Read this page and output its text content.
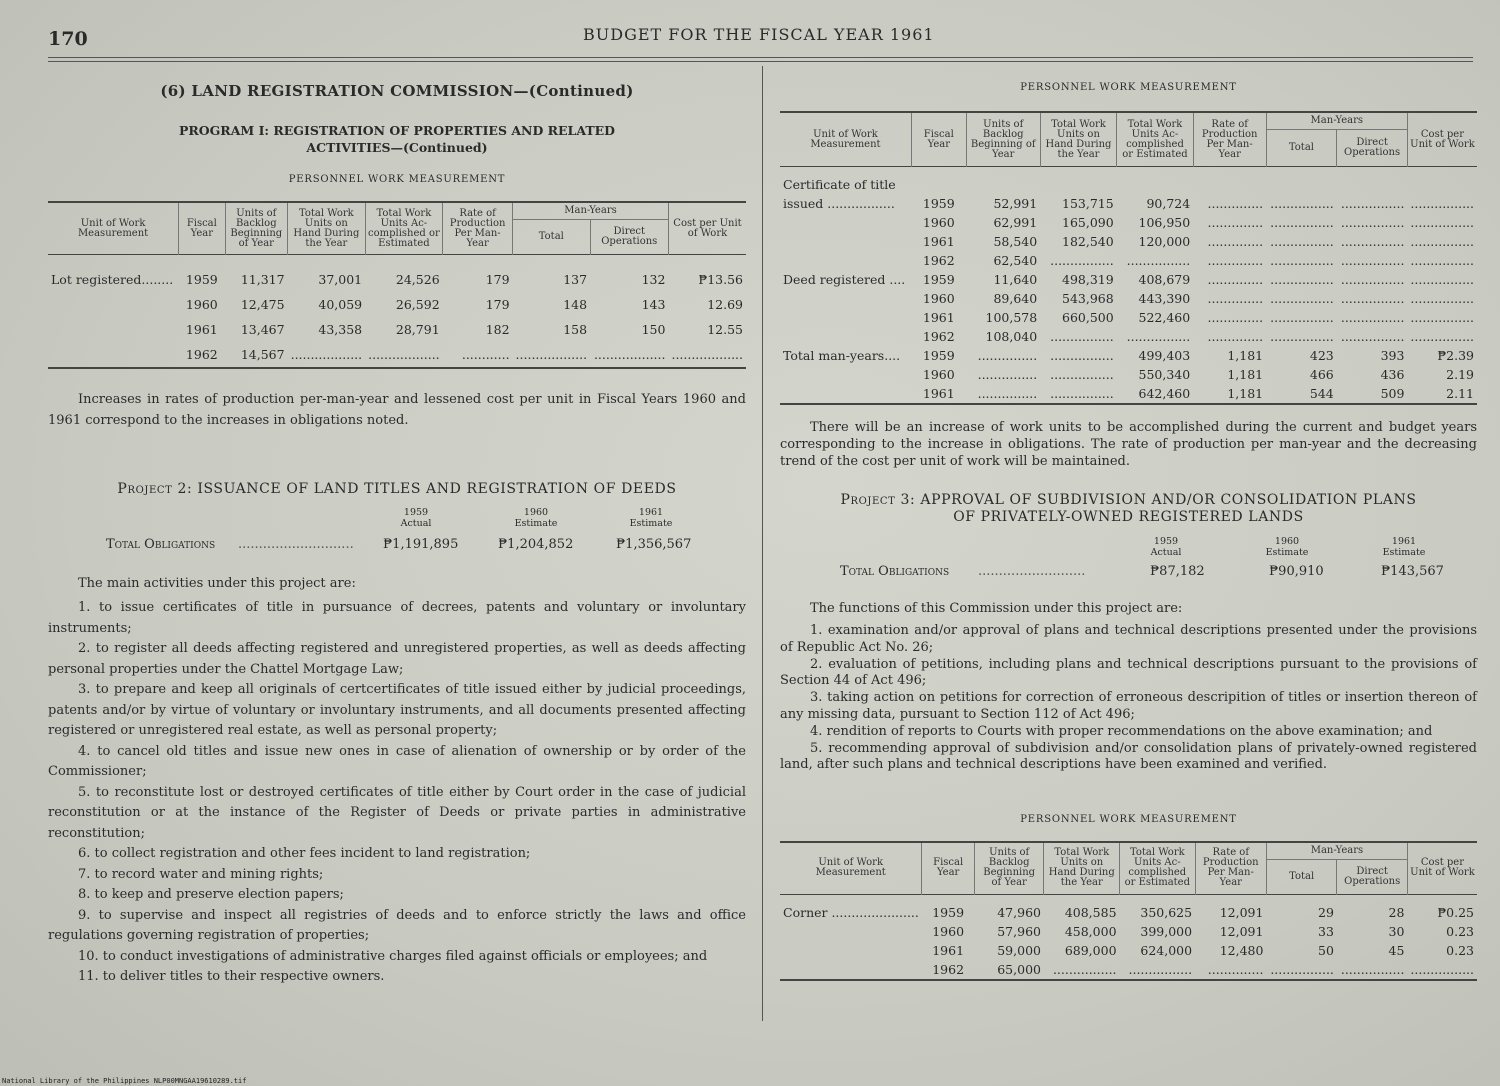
170	BUDGET FOR THE FISCAL YEAR 1961
(6) LAND REGISTRATION COMMISSION—(Continued)
PROGRAM I: REGISTRATION OF PROPERTIES AND RELATED
ACTIVITIES—(Continued)
PERSONNEL WORK MEASUREMENT
Unit of Work Measurement	Fiscal Year	Units of Backlog Beginning of Year	Total Work Units on Hand During the Year	Total Work Units Ac- complished or Estimated	Rate of Production Per Man- Year	Man-Years		Cost per Unit of Work
						Total	Direct Operations	
Lot registered........	1959	11,317	37,001	24,526	179	137	132	₱13.56
	1960	12,475	40,059	26,592	179	148	143	12.69
	1961	13,467	43,358	28,791	182	158	150	12.55
	1962	14,567	..................	..................	............	..................	..................	..................
Increases in rates of production per-man-year and lessened cost per unit in Fiscal Years 1960 and 1961 correspond to the increases in obligations noted.
Project 2: ISSUANCE OF LAND TITLES AND REGISTRATION OF DEEDS
1959
Actual
1960
Estimate
1961
Estimate
Total Obligations ............................ ₱1,191,895	₱1,204,852	₱1,356,567
The main activities under this project are:
1. to issue certificates of title in pursuance of decrees, patents and voluntary or involuntary instruments;
2. to register all deeds affecting registered and unregistered properties, as well as deeds affecting personal properties under the Chattel Mortgage Law;
3. to prepare and keep all originals of certcertificates of title issued either by judicial proceedings, patents and/or by virtue of voluntary or involuntary instruments, and all documents presented affecting registered or unregistered real estate, as well as personal property;
4. to cancel old titles and issue new ones in case of alienation of ownership or by order of the Commissioner;
5. to reconstitute lost or destroyed certificates of title either by Court order in the case of judicial reconstitution or at the instance of the Register of Deeds or private parties in administrative reconstitution;
6. to collect registration and other fees incident to land registration;
7. to record water and mining rights;
8. to keep and preserve election papers;
9. to supervise and inspect all registries of deeds and to enforce strictly the laws and office regulations governing registration of properties;
10. to conduct investigations of administrative charges filed against officials or employees; and
11. to deliver titles to their respective owners.
PERSONNEL WORK MEASUREMENT
Unit of Work Measurement	Fiscal Year	Units of Backlog Beginning of Year	Total Work Units on Hand During the Year	Total Work Units Ac- complished or Estimated	Rate of Production Per Man- Year	Man-Years		Cost per Unit of Work
						Total	Direct Operations	
Certificate of title								
issued .................	1959	52,991	153,715	90,724	..............	................	................	................
	1960	62,991	165,090	106,950	..............	................	................	................
	1961	58,540	182,540	120,000	..............	................	................	................
	1962	62,540	................	................	..............	................	................	................
Deed registered ....	1959	11,640	498,319	408,679	..............	................	................	................
	1960	89,640	543,968	443,390	..............	................	................	................
	1961	100,578	660,500	522,460	..............	................	................	................
	1962	108,040	................	................	..............	................	................	................
Total man-years....	1959	...............	................	499,403	1,181	423	393	₱2.39
	1960	...............	................	550,340	1,181	466	436	2.19
	1961	...............	................	642,460	1,181	544	509	2.11
There will be an increase of work units to be accomplished during the current and budget years corresponding to the increase in obligations. The rate of production per man-year and the decreasing trend of the cost per unit of work will be maintained.
Project 3: APPROVAL OF SUBDIVISION AND/OR CONSOLIDATION PLANS
OF PRIVATELY-OWNED REGISTERED LANDS
1959
Actual
1960
Estimate
1961
Estimate
Total Obligations ..........................	₱87,182	₱90,910	₱143,567
The functions of this Commission under this project are:
1. examination and/or approval of plans and technical descriptions presented under the provisions of Republic Act No. 26;
2. evaluation of petitions, including plans and technical descriptions pursuant to the provisions of Section 44 of Act 496;
3. taking action on petitions for correction of erroneous descripition of titles or insertion thereon of any missing data, pursuant to Section 112 of Act 496;
4. rendition of reports to Courts with proper recommendations on the above examination; and
5. recommending approval of subdivision and/or consolidation plans of privately-owned registered land, after such plans and technical descriptions have been examined and verified.
PERSONNEL WORK MEASUREMENT
Unit of Work Measurement	Fiscal Year	Units of Backlog Beginning of Year	Total Work Units on Hand During the Year	Total Work Units Ac- complished or Estimated	Rate of Production Per Man- Year	Man-Years		Cost per Unit of Work
						Total	Direct Operations	
Corner ......................	1959	47,960	408,585	350,625	12,091	29	28	₱0.25
	1960	57,960	458,000	399,000	12,091	33	30	0.23
	1961	59,000	689,000	624,000	12,480	50	45	0.23
	1962	65,000	................	................	..............	................	................	................
National Library of the Philippines NLP00MNGAA19610289.tif
